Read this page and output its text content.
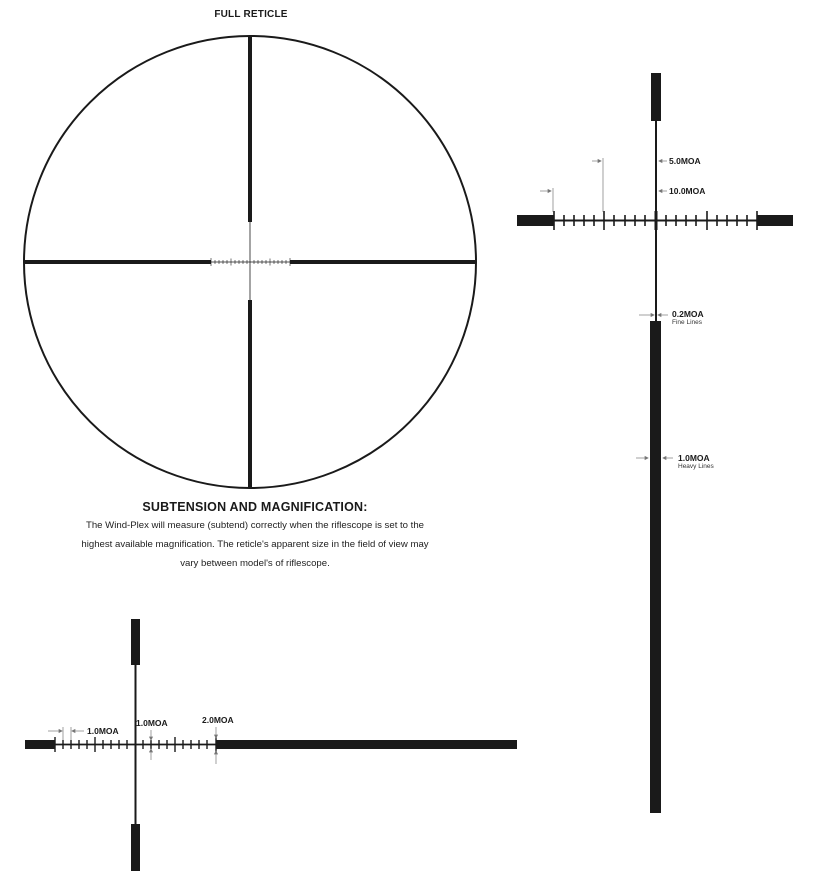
FULL RETICLE
SUBTENSION AND MAGNIFICATION:
The Wind-Plex will measure (subtend) correctly when the riflescope is set to the highest available magnification. The reticle's apparent size in the field of view may vary between model's of riflescope.
5.0MOA
10.0MOA
0.2MOA
Fine Lines
1.0MOA
Heavy Lines
1.0MOA
1.0MOA	2.0MOA
